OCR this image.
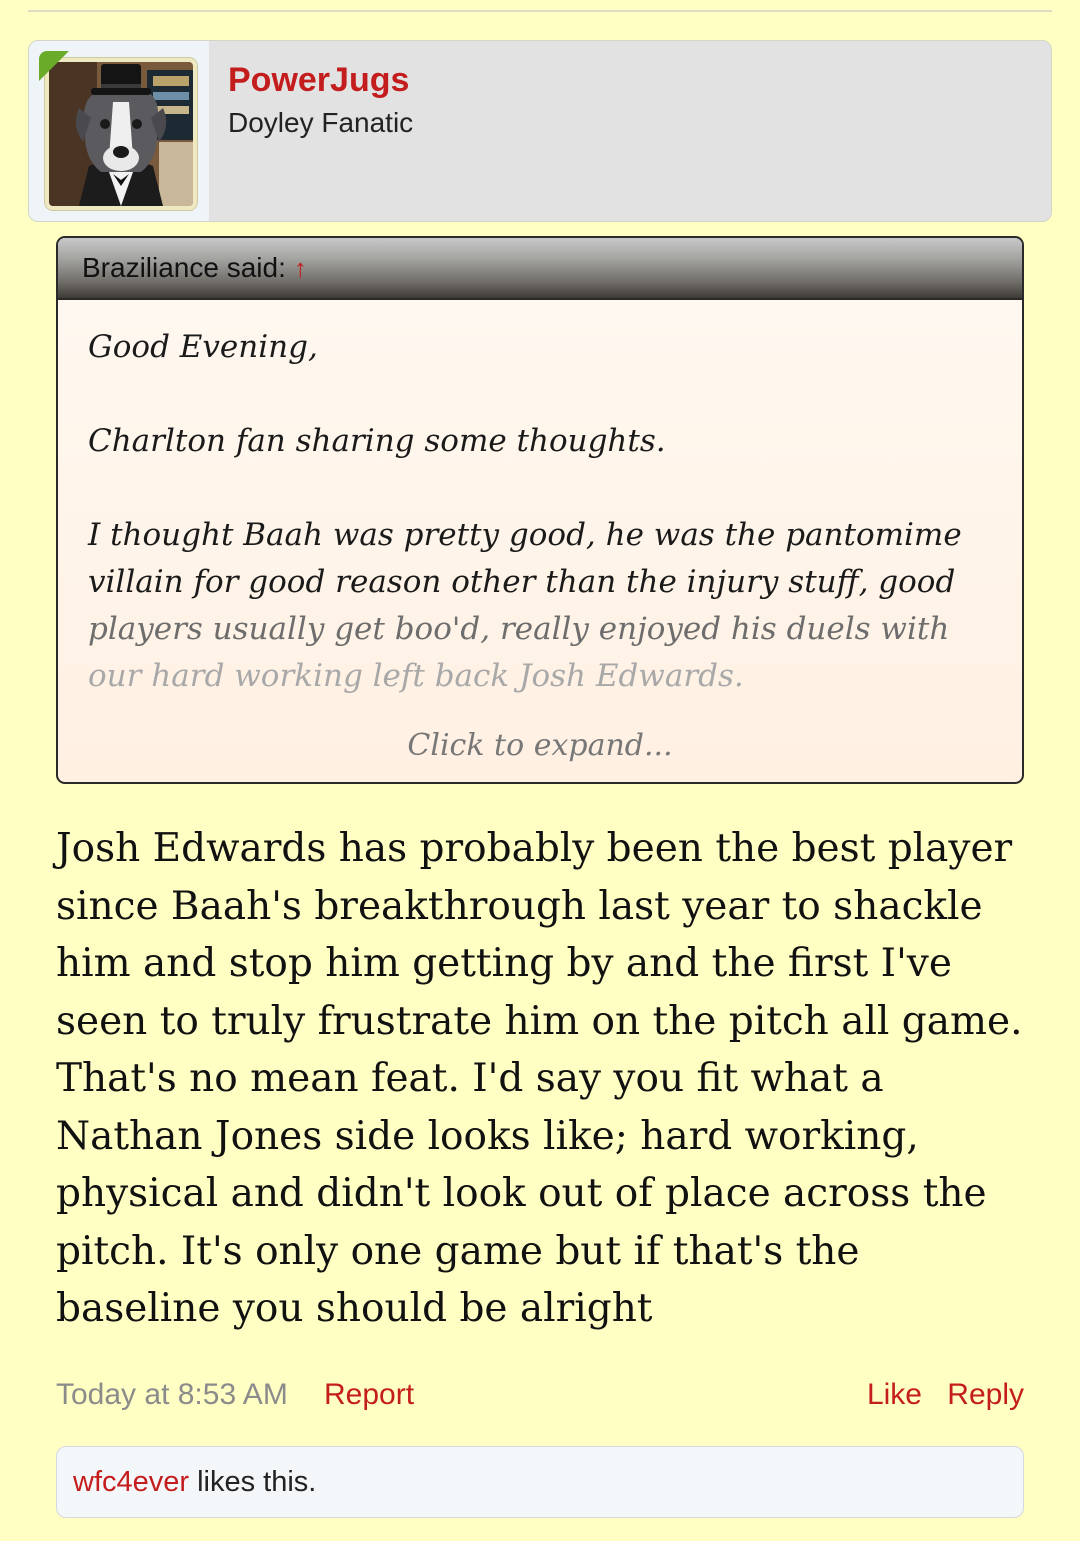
PowerJugs
Doyley Fanatic
Braziliance said: ↑

Good Evening,

Charlton fan sharing some thoughts.

I thought Baah was pretty good, he was the pantomime

villain for good reason other than the injury stuff, good

players usually get boo'd, really enjoyed his duels with

our hard working left back Josh Edwards.

Click to expand...
Josh Edwards has probably been the best player since Baah's breakthrough last year to shackle him and stop him getting by and the first I've seen to truly frustrate him on the pitch all game. That's no mean feat. I'd say you fit what a Nathan Jones side looks like; hard working, physical and didn't look out of place across the pitch. It's only one game but if that's the baseline you should be alright
Today at 8:53 AM Report	Like Reply
wfc4ever likes this.
